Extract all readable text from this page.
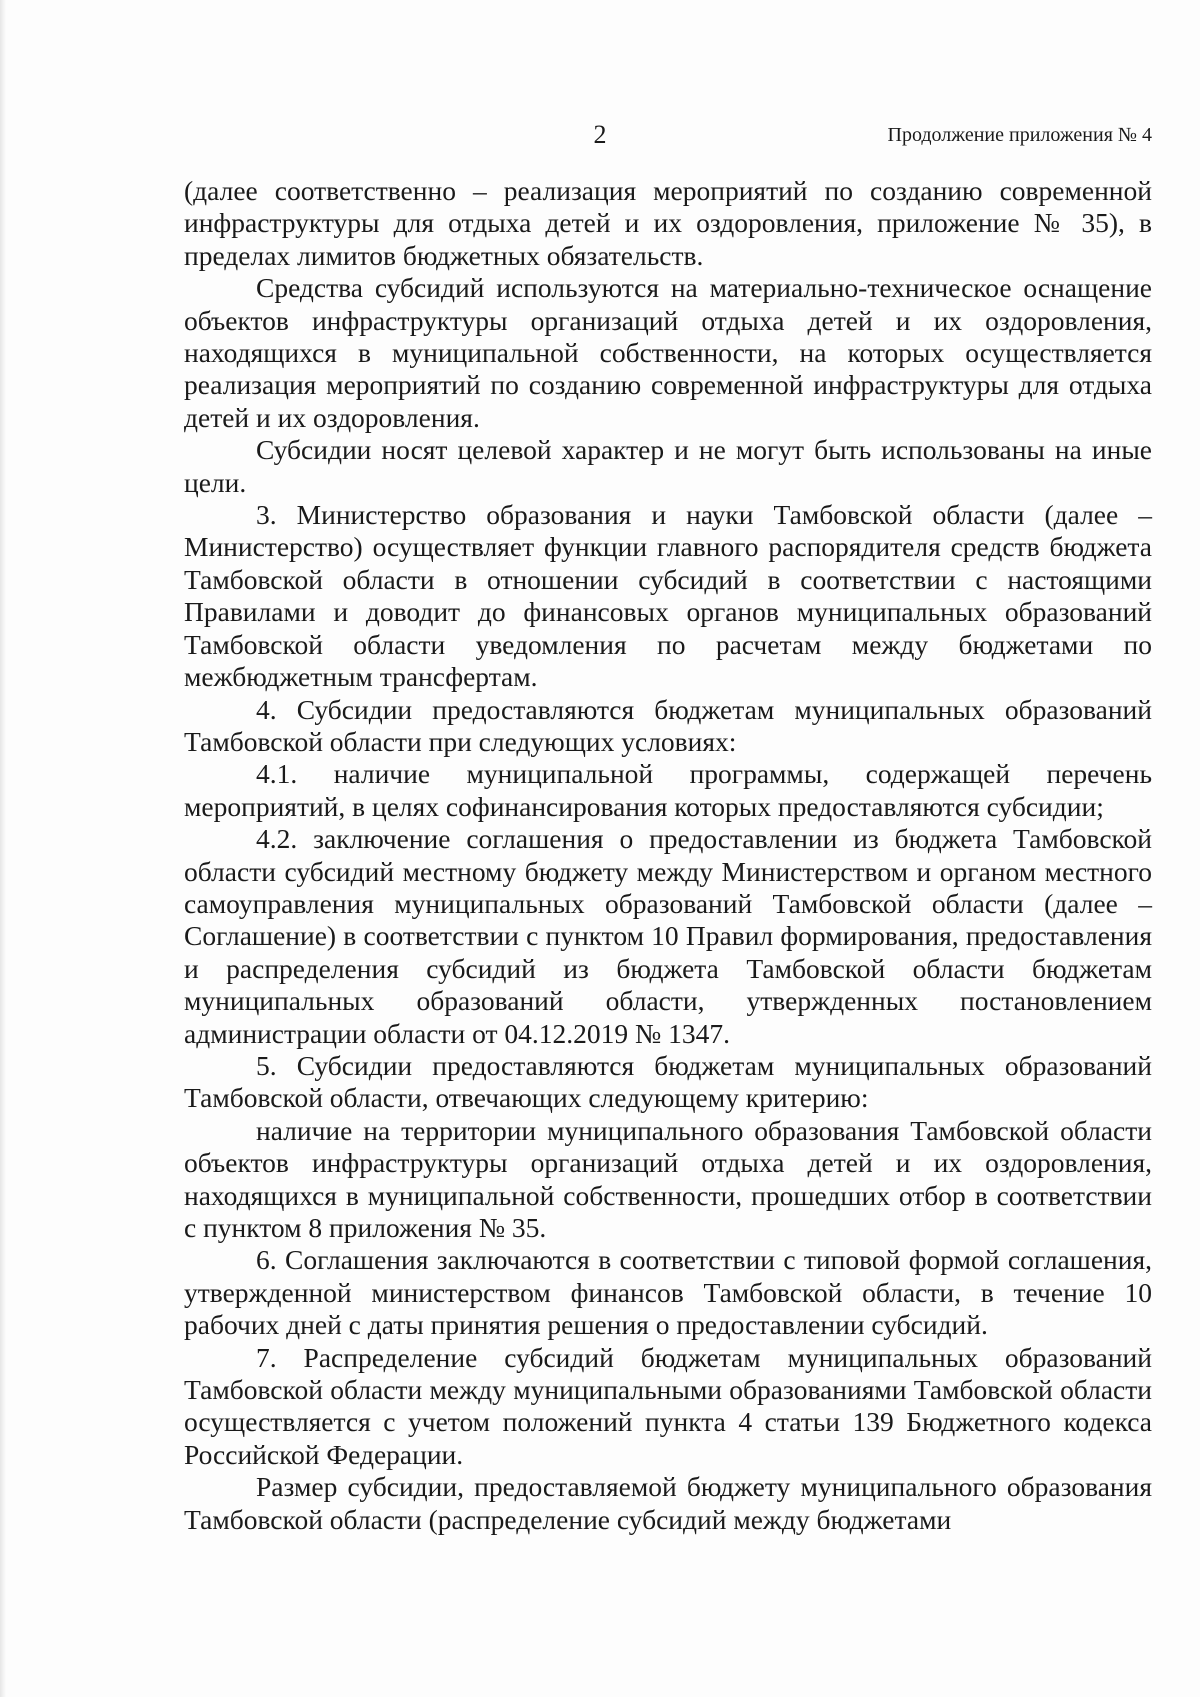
2	Продолжение приложения № 4

(далее соответственно – реализация мероприятий по созданию современной инфраструктуры для отдыха детей и их оздоровления, приложение № 35), в пределах лимитов бюджетных обязательств.

Средства субсидий используются на материально-техническое оснащение объектов инфраструктуры организаций отдыха детей и их оздоровления, находящихся в муниципальной собственности, на которых осуществляется реализация мероприятий по созданию современной инфраструктуры для отдыха детей и их оздоровления.

Субсидии носят целевой характер и не могут быть использованы на иные цели.

3. Министерство образования и науки Тамбовской области (далее – Министерство) осуществляет функции главного распорядителя средств бюджета Тамбовской области в отношении субсидий в соответствии с настоящими Правилами и доводит до финансовых органов муниципальных образований Тамбовской области уведомления по расчетам между бюджетами по межбюджетным трансфертам.

4. Субсидии предоставляются бюджетам муниципальных образований Тамбовской области при следующих условиях:

4.1. наличие муниципальной программы, содержащей перечень мероприятий, в целях софинансирования которых предоставляются субсидии;

4.2. заключение соглашения о предоставлении из бюджета Тамбовской области субсидий местному бюджету между Министерством и органом местного самоуправления муниципальных образований Тамбовской области (далее – Соглашение) в соответствии с пунктом 10 Правил формирования, предоставления и распределения субсидий из бюджета Тамбовской области бюджетам муниципальных образований области, утвержденных постановлением администрации области от 04.12.2019 № 1347.

5. Субсидии предоставляются бюджетам муниципальных образований Тамбовской области, отвечающих следующему критерию:

наличие на территории муниципального образования Тамбовской области объектов инфраструктуры организаций отдыха детей и их оздоровления, находящихся в муниципальной собственности, прошедших отбор в соответствии с пунктом 8 приложения № 35.

6. Соглашения заключаются в соответствии с типовой формой соглашения, утвержденной министерством финансов Тамбовской области, в течение 10 рабочих дней с даты принятия решения о предоставлении субсидий.

7. Распределение субсидий бюджетам муниципальных образований Тамбовской области между муниципальными образованиями Тамбовской области осуществляется с учетом положений пункта 4 статьи 139 Бюджетного кодекса Российской Федерации.

Размер субсидии, предоставляемой бюджету муниципального образования Тамбовской области (распределение субсидий между бюджетами
